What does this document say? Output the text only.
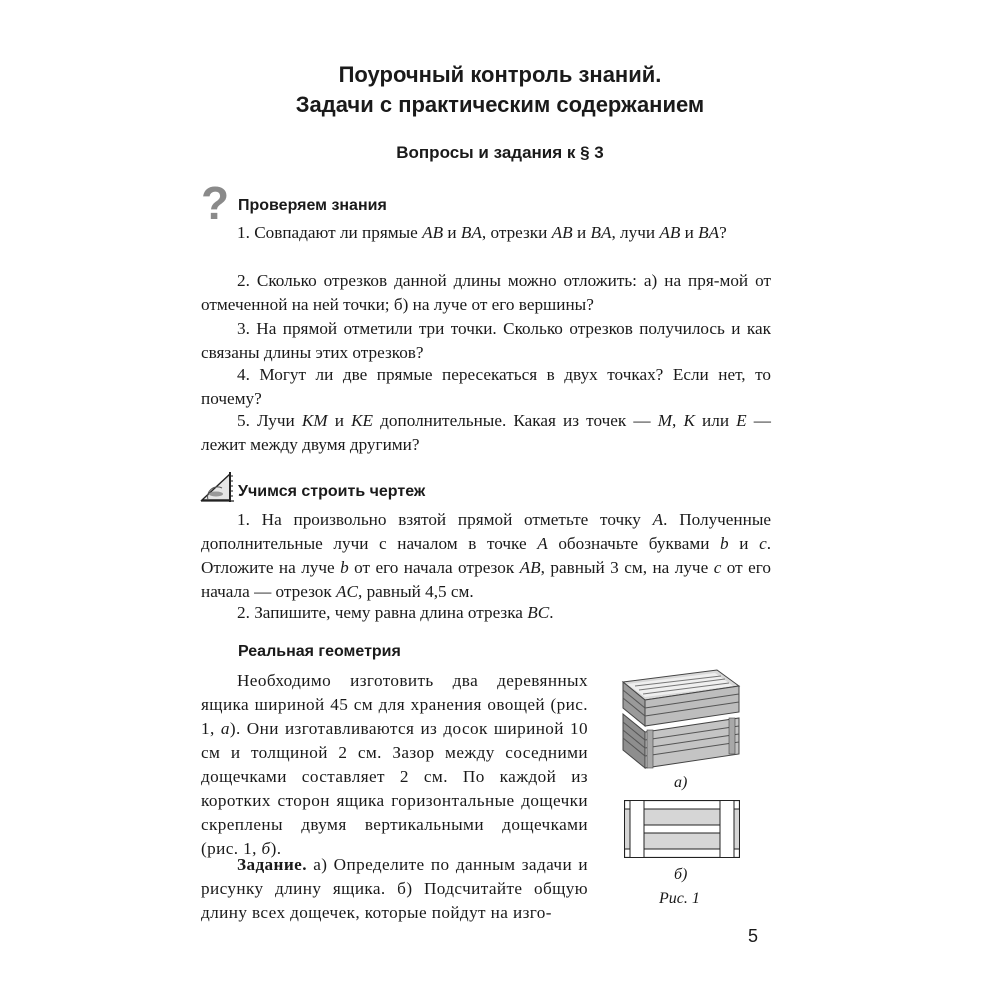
Поурочный контроль знаний.
Задачи с практическим содержанием
Вопросы и задания к § 3
? Проверяем знания

1. Совпадают ли прямые AB и BA, отрезки AB и BA, лучи AB и BA?

2. Сколько отрезков данной длины можно отложить: а) на пря-мой от отмеченной на ней точки; б) на луче от его вершины?

3. На прямой отметили три точки. Сколько отрезков получилось и как связаны длины этих отрезков?

4. Могут ли две прямые пересекаться в двух точках? Если нет, то почему?

5. Лучи KM и KE дополнительные. Какая из точек — M, K или E — лежит между двумя другими?

Учимся строить чертеж

1. На произвольно взятой прямой отметьте точку A. Полученные дополнительные лучи с началом в точке A обозначьте буквами b и c. Отложите на луче b от его начала отрезок AB, равный 3 см, на луче c от его начала — отрезок AC, равный 4,5 см.

2. Запишите, чему равна длина отрезка BC.

Реальная геометрия

Необходимо изготовить два деревянных ящика шириной 45 см для хранения овощей (рис. 1, а). Они изготавливаются из досок шириной 10 см и толщиной 2 см. Зазор между соседними дощечками составляет 2 см. По каждой из коротких сторон ящика горизонтальные дощечки скреплены двумя вертикальными дощечками (рис. 1, б).

Задание. а) Определите по данным задачи и рисунку длину ящика. б) Подсчитайте общую длину всех дощечек, которые пойдут на изго-

а)
б)
Рис. 1
5
